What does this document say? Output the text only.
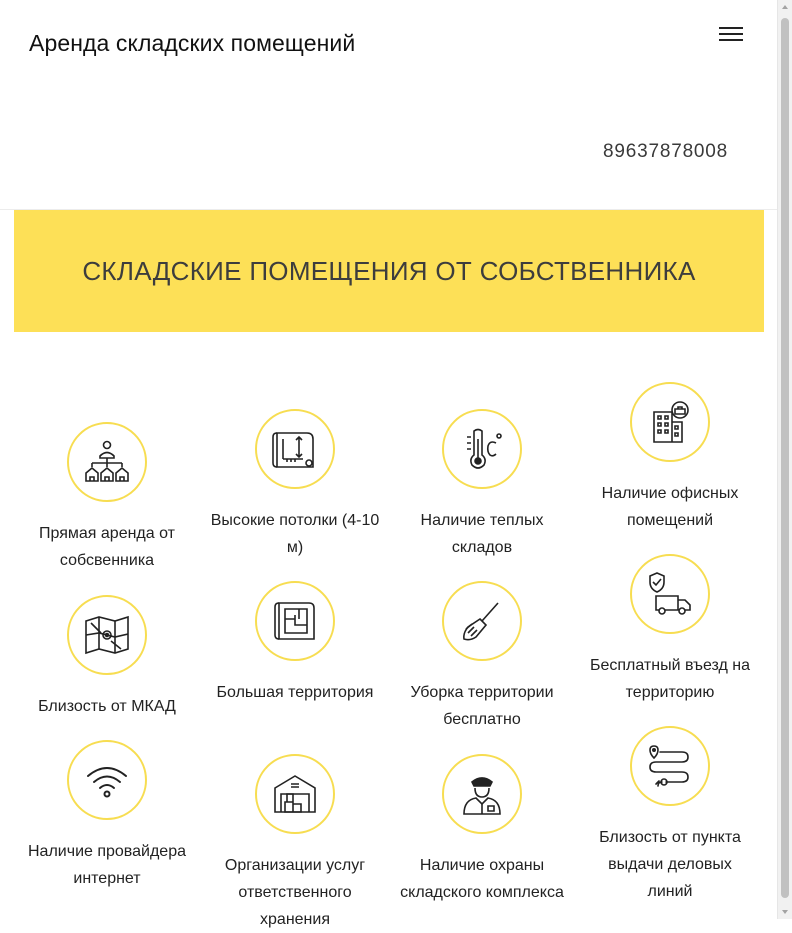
Аренда складских помещений
89637878008
СКЛАДСКИЕ ПОМЕЩЕНИЯ ОТ СОБСТВЕННИКА
Прямая аренда от собсвенника
Близость от МКАД
Наличие провайдера интернет
Высокие потолки (4-10 м)
Большая территория
Организации услуг ответственного хранения
Наличие теплых складов
Уборка территории бесплатно
Наличие охраны складского комплекса
Наличие офисных помещений
Бесплатный въезд на территорию
Близость от пункта выдачи деловых линий
